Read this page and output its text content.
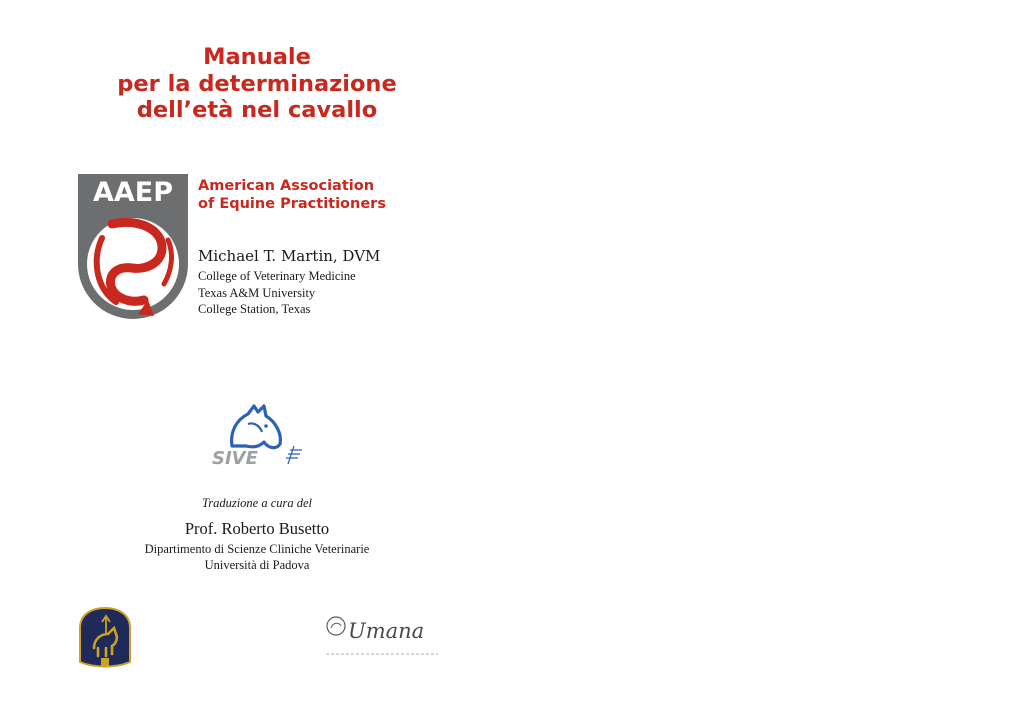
Manuale
per la determinazione
dell’età nel cavallo
AAEP American Association
of Equine Practitioners
Michael T. Martin, DVM
College of Veterinary Medicine
Texas A&M University
College Station, Texas
SIVE
Traduzione a cura del
Prof. Roberto Busetto
Dipartimento di Scienze Cliniche Veterinarie
Università di Padova
Umana
